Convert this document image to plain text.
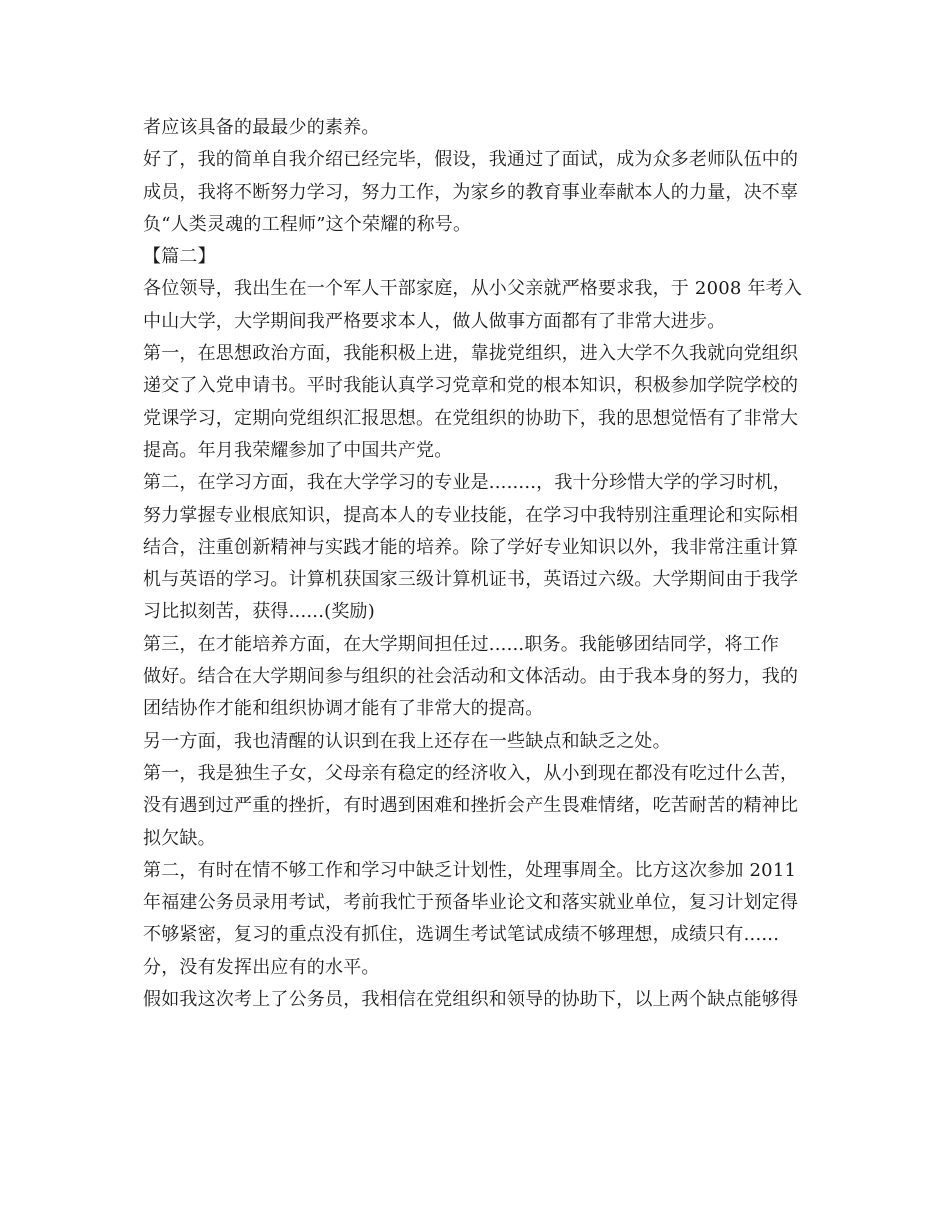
者应该具备的最最少的素养。
好了，我的简单自我介绍已经完毕，假设，我通过了面试，成为众多老师队伍中的
成员，我将不断努力学习，努力工作，为家乡的教育事业奉献本人的力量，决不辜
负“人类灵魂的工程师”这个荣耀的称号。
【篇二】
各位领导，我出生在一个军人干部家庭，从小父亲就严格要求我，于 2008 年考入
中山大学，大学期间我严格要求本人，做人做事方面都有了非常大进步。
第一，在思想政治方面，我能积极上进，靠拢党组织，进入大学不久我就向党组织
递交了入党申请书。平时我能认真学习党章和党的根本知识，积极参加学院学校的
党课学习，定期向党组织汇报思想。在党组织的协助下，我的思想觉悟有了非常大
提高。年月我荣耀参加了中国共产党。
第二，在学习方面，我在大学学习的专业是........，我十分珍惜大学的学习时机，
努力掌握专业根底知识，提高本人的专业技能，在学习中我特别注重理论和实际相
结合，注重创新精神与实践才能的培养。除了学好专业知识以外，我非常注重计算
机与英语的学习。计算机获国家三级计算机证书，英语过六级。大学期间由于我学
习比拟刻苦，获得......(奖励)
第三，在才能培养方面，在大学期间担任过......职务。我能够团结同学，将工作
做好。结合在大学期间参与组织的社会活动和文体活动。由于我本身的努力，我的
团结协作才能和组织协调才能有了非常大的提高。
另一方面，我也清醒的认识到在我上还存在一些缺点和缺乏之处。
第一，我是独生子女，父母亲有稳定的经济收入，从小到现在都没有吃过什么苦，
没有遇到过严重的挫折，有时遇到困难和挫折会产生畏难情绪，吃苦耐苦的精神比
拟欠缺。
第二，有时在情不够工作和学习中缺乏计划性，处理事周全。比方这次参加 2011
年福建公务员录用考试，考前我忙于预备毕业论文和落实就业单位，复习计划定得
不够紧密，复习的重点没有抓住，选调生考试笔试成绩不够理想，成绩只有......
分，没有发挥出应有的水平。
假如我这次考上了公务员，我相信在党组织和领导的协助下，以上两个缺点能够得
